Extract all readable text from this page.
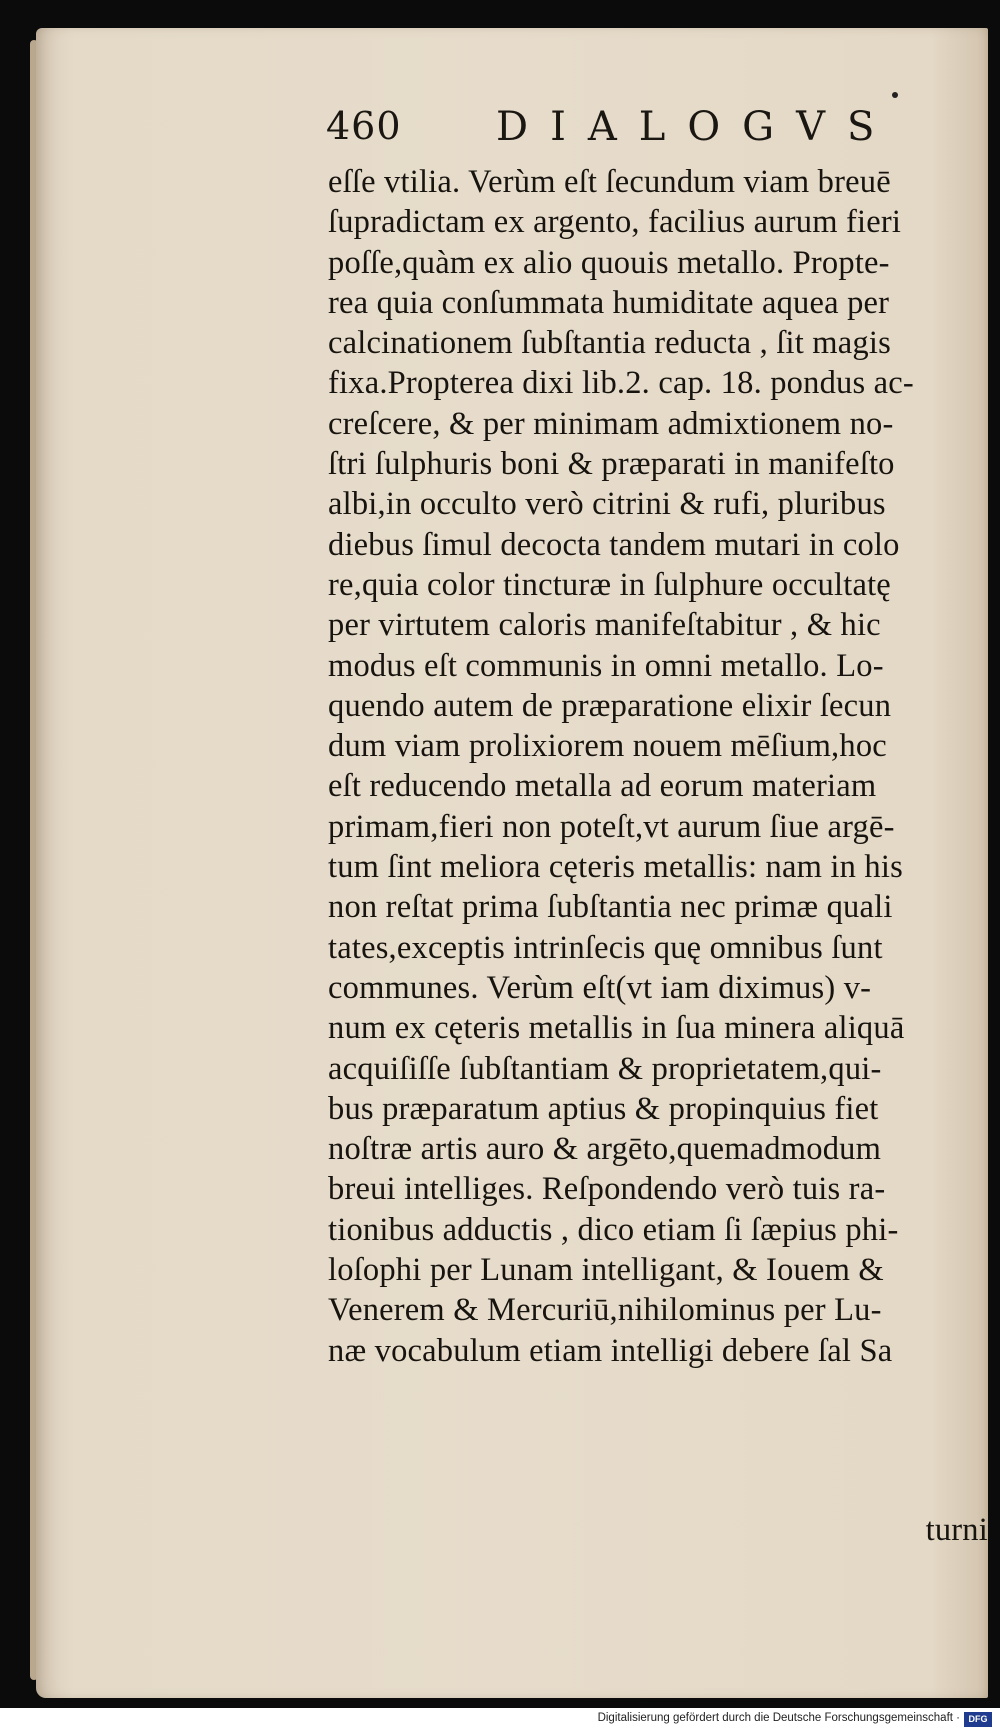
460 DIALOGVS
eſſe vtilia. Verùm eſt ſecundum viam breuē
ſupradictam ex argento, facilius aurum fieri
poſſe,quàm ex alio quouis metallo. Propte-
rea quia conſummata humiditate aquea per
calcinationem ſubſtantia reducta , ſit magis
fixa.Propterea dixi lib.2. cap. 18. pondus ac-
creſcere, & per minimam admixtionem no-
ſtri ſulphuris boni & præparati in manifeſto
albi,in occulto verò citrini & rufi, pluribus
diebus ſimul decocta tandem mutari in colo
re,quia color tincturæ in ſulphure occultatę
per virtutem caloris manifeſtabitur , & hic
modus eſt communis in omni metallo. Lo-
quendo autem de præparatione elixir ſecun
dum viam prolixiorem nouem mēſium,hoc
eſt reducendo metalla ad eorum materiam
primam,fieri non poteſt,vt aurum ſiue argē-
tum ſint meliora cęteris metallis: nam in his
non reſtat prima ſubſtantia nec primæ quali
tates,exceptis intrinſecis quę omnibus ſunt
communes. Verùm eſt(vt iam diximus) v-
num ex cęteris metallis in ſua minera aliquā
acquiſiſſe ſubſtantiam & proprietatem,qui-
bus præparatum aptius & propinquius fiet
noſtræ artis auro & argēto,quemadmodum
breui intelliges. Reſpondendo verò tuis ra-
tionibus adductis , dico etiam ſi ſæpius phi-
loſophi per Lunam intelligant, & Iouem &
Venerem & Mercuriū,nihilominus per Lu-
næ vocabulum etiam intelligi debere ſal Sa
turni
Digitalisierung gefördert durch die Deutsche Forschungsgemeinschaft · DFG
